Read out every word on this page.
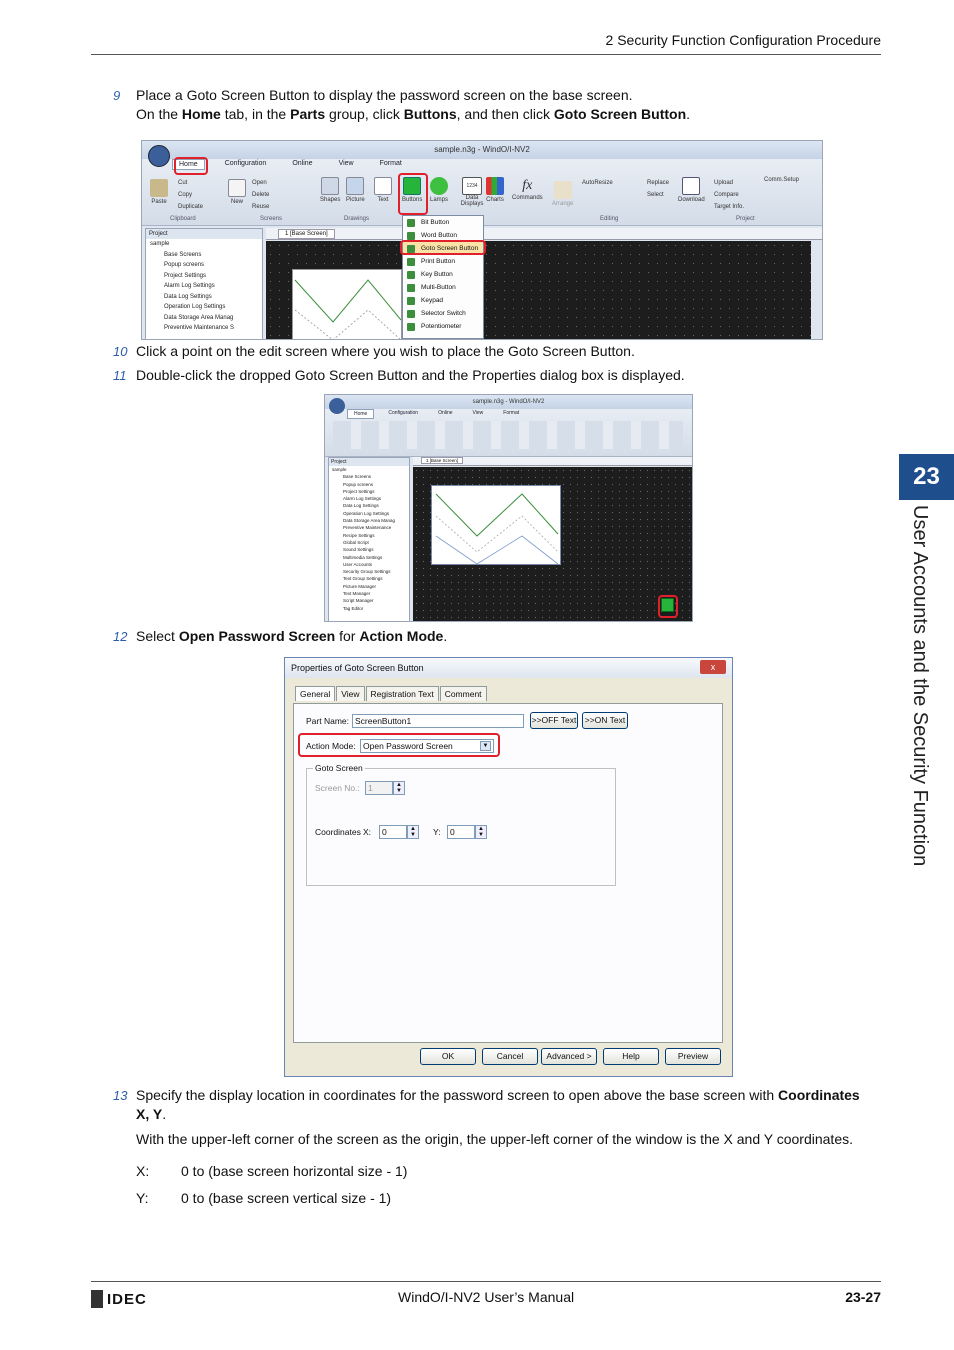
2 Security Function Configuration Procedure
23
User Accounts and the Security Function
9 Place a Goto Screen Button to display the password screen on the base screen.
On the Home tab, in the Parts group, click Buttons, and then click Goto Screen Button.
sample.n3g - WindO/I-NV2
Home	Configuration	Online	View	Format
Paste
Cut
Copy
Duplicate
New
Open
Delete
Reuse
Shapes Picture	Text	Buttons Lamps
1234
Data Displays
Charts
fx
Commands
Arrange
AutoResize	Replace
Select
Download
Upload
Compare
Target Info.
Comm.Setup
Clipboard	Screens	Drawings	Editing	Project
Project
sample
Base Screens
Popup screens
Project Settings
Alarm Log Settings
Data Log Settings
Operation Log Settings
Data Storage Area Manag
Preventive Maintenance S
1 [Base Screen]
Bit Button
Word Button
Goto Screen Button
Print Button
Key Button
Multi-Button
Keypad
Selector Switch
Potentiometer
10 Click a point on the edit screen where you wish to place the Goto Screen Button.
11 Double-click the dropped Goto Screen Button and the Properties dialog box is displayed.
sample.n3g - WindO/I-NV2
Home	Configuration	Online	View	Format
Project
sample
Base Screens
Popup screens
Project Settings
Alarm Log Settings
Data Log Settings
Operation Log Settings
Data Storage Area Manag
Preventive Maintenance
Recipe Settings
Global Script
Sound Settings
Multimedia Settings
User Accounts
Security Group Settings
Text Group Settings
Picture Manager
Text Manager
Script Manager
Tag Editor
1 [Base Screen]
12 Select Open Password Screen for Action Mode.
Properties of Goto Screen Button	x
General	View	Registration Text	Comment
Part Name: ScreenButton1	>>OFF Text >>ON Text
Action Mode: Open Password Screen	▼
Goto Screen
Screen No.: 1	▲
▼
Coordinates X:	0	▲
▼	Y:	0	▲
▼
OK	Cancel	Advanced >	Help	Preview
13 Specify the display location in coordinates for the password screen to open above the base screen with Coordinates
X, Y.
With the upper-left corner of the screen as the origin, the upper-left corner of the window is the X and Y coordinates.
X: 0 to (base screen horizontal size - 1)
Y: 0 to (base screen vertical size - 1)
IDEC	WindO/I-NV2 User’s Manual	23-27
